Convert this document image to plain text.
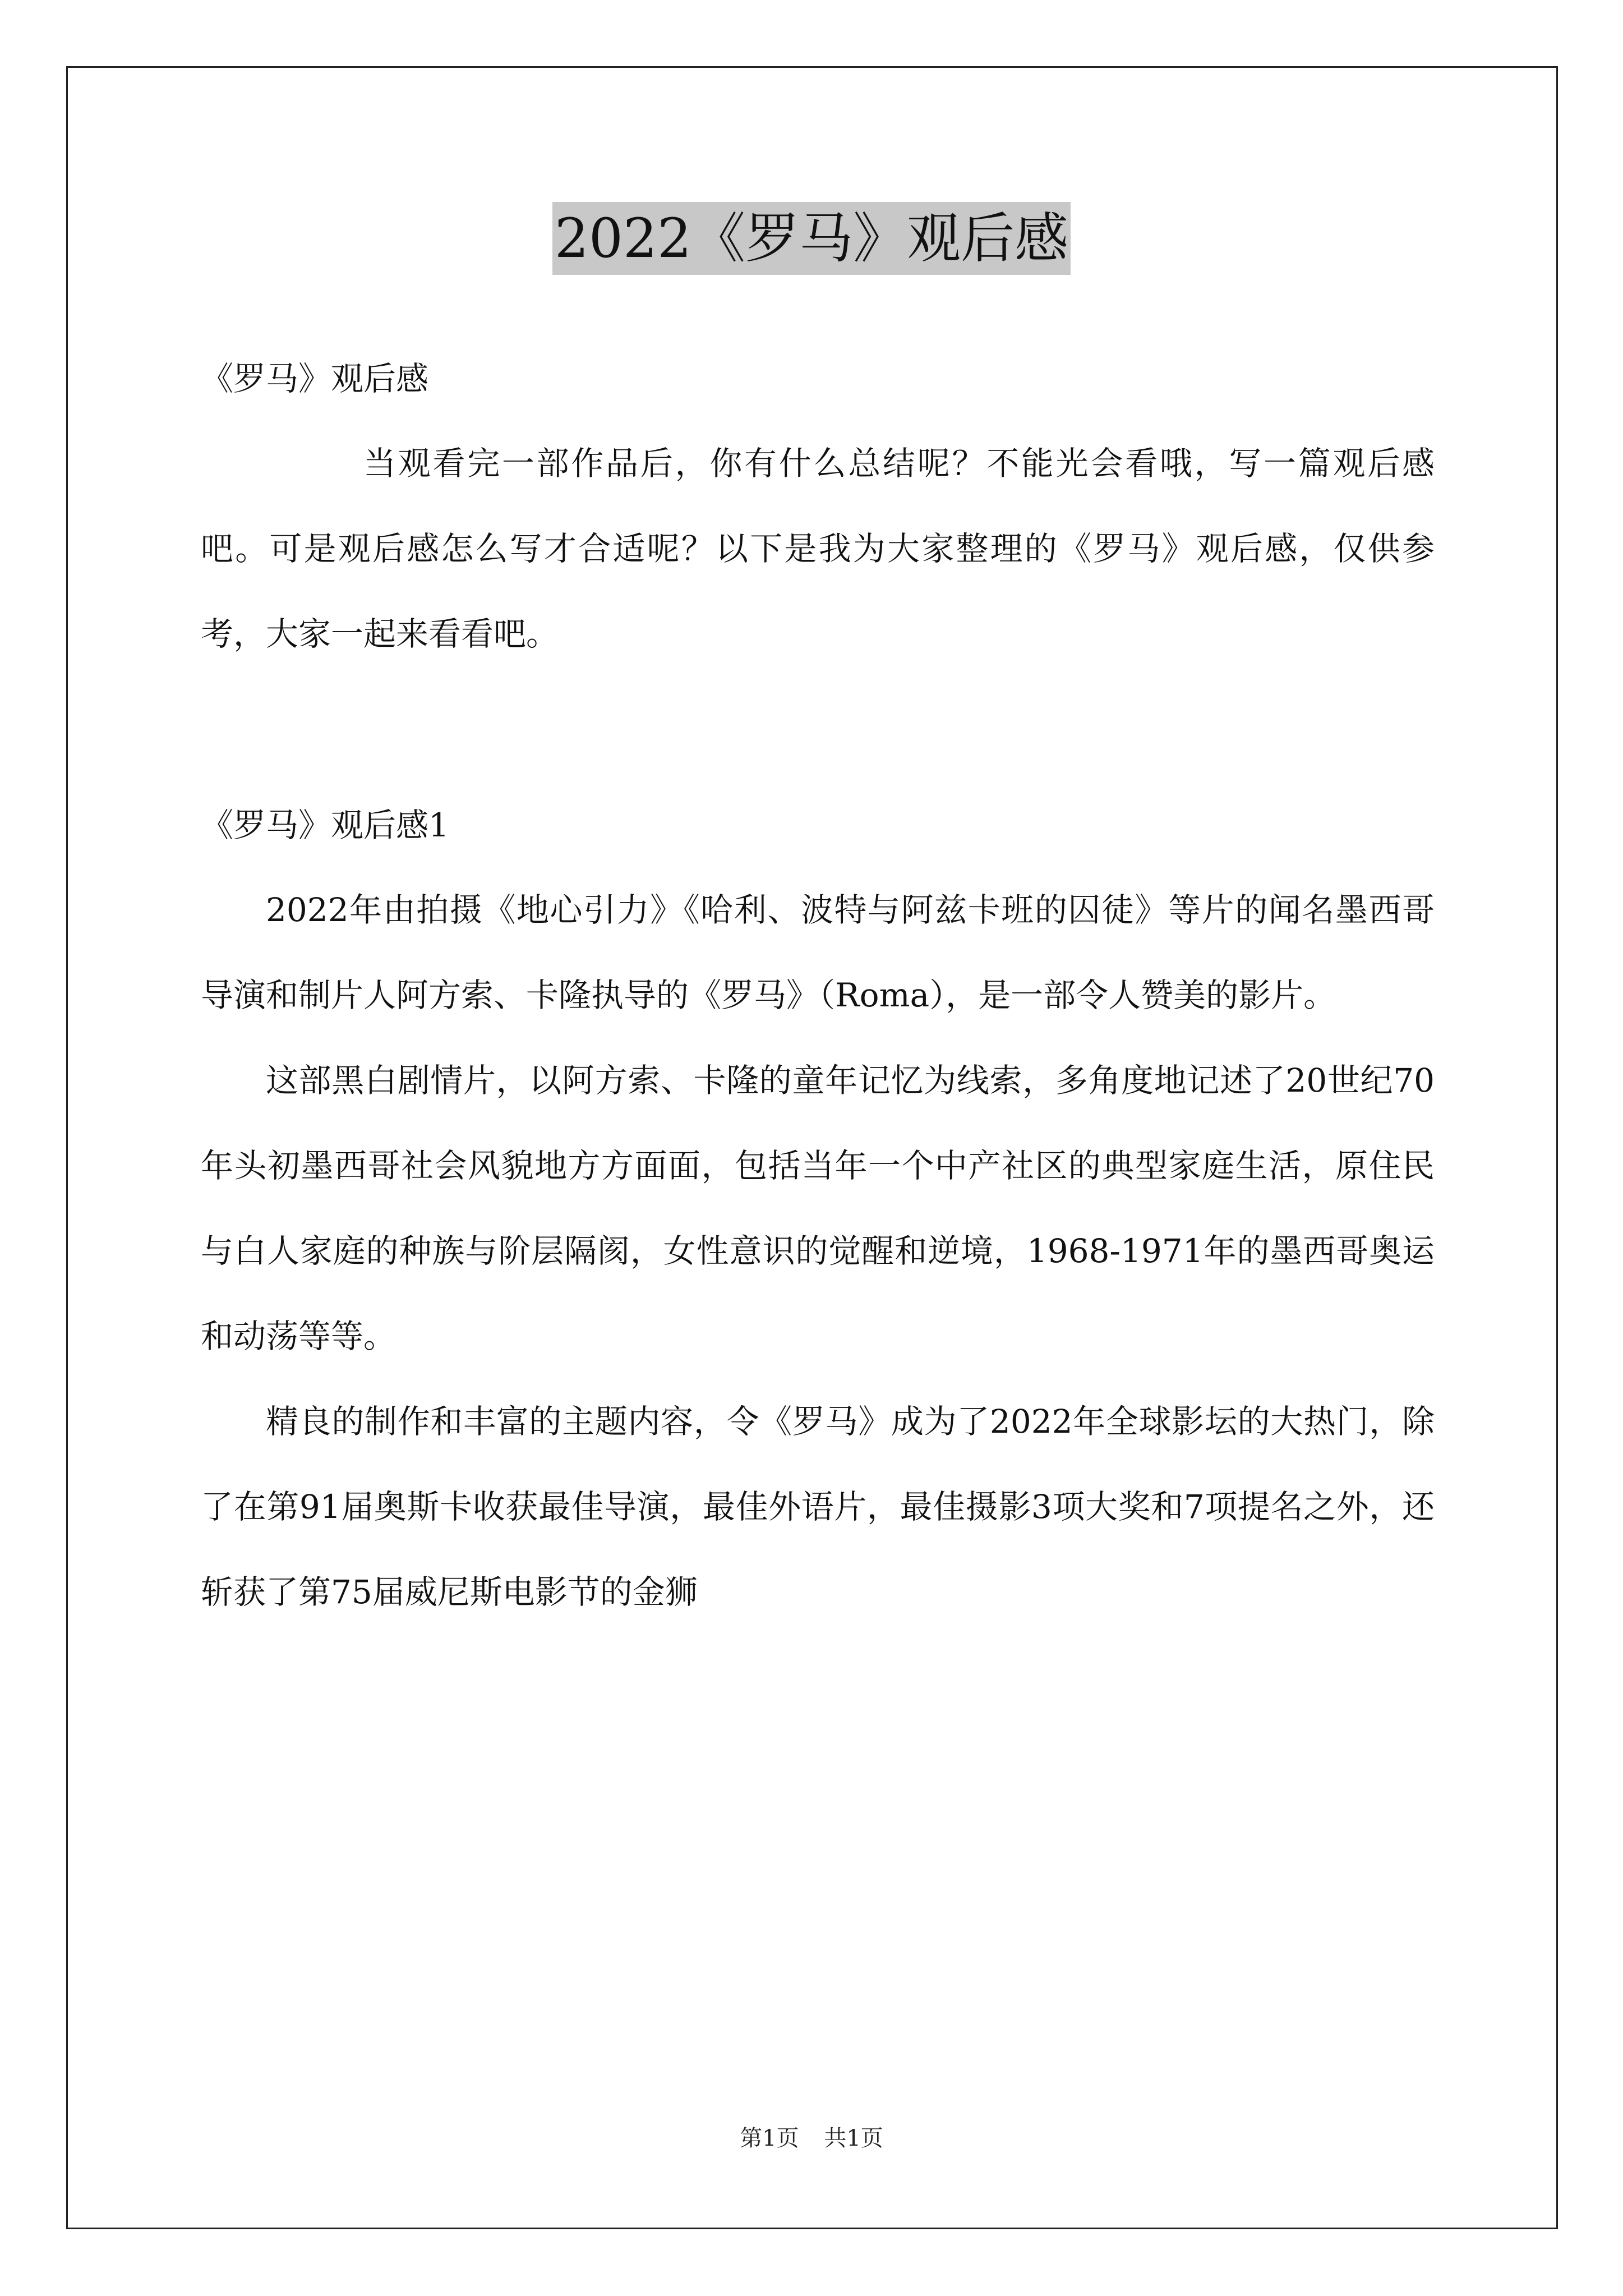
2022《罗马》观后感

《罗马》观后感

当观看完一部作品后，你有什么总结呢？不能光会看哦，写一篇观后感吧。可是观后感怎么写才合适呢？以下是我为大家整理的《罗马》观后感，仅供参考，大家一起来看看吧。

《罗马》观后感1

2022年由拍摄《地心引力》《哈利、波特与阿兹卡班的囚徒》等片的闻名墨西哥导演和制片人阿方索、卡隆执导的《罗马》（Roma），是一部令人赞美的影片。

这部黑白剧情片，以阿方索、卡隆的童年记忆为线索，多角度地记述了20世纪70年头初墨西哥社会风貌地方方面面，包括当年一个中产社区的典型家庭生活，原住民与白人家庭的种族与阶层隔阂，女性意识的觉醒和逆境，1968-1971年的墨西哥奥运和动荡等等。

精良的制作和丰富的主题内容，令《罗马》成为了2022年全球影坛的大热门，除了在第91届奥斯卡收获最佳导演，最佳外语片，最佳摄影3项大奖和7项提名之外，还斩获了第75届威尼斯电影节的金狮

第1页 共1页
